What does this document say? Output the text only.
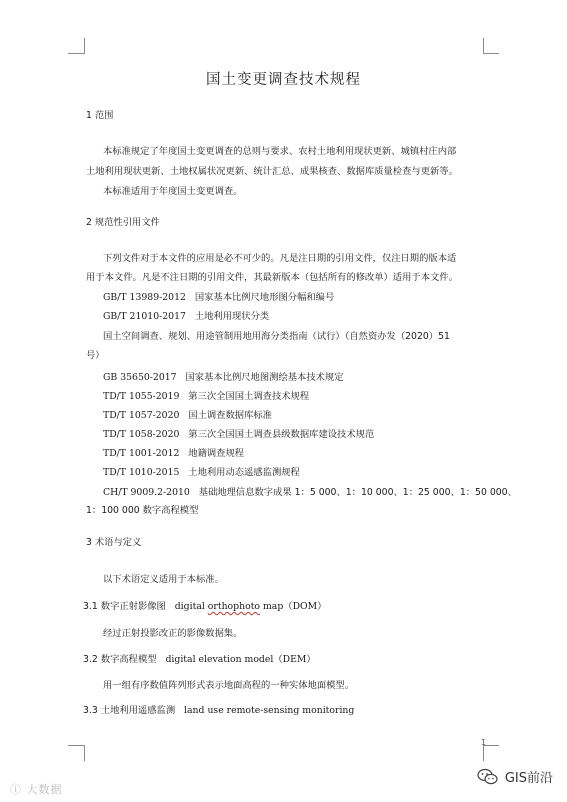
国土变更调查技术规程
1 范围
本标准规定了年度国土变更调查的总则与要求、农村土地利用现状更新、城镇村庄内部
土地利用现状更新、土地权属状况更新、统计汇总、成果核查、数据库质量检查与更新等。
本标准适用于年度国土变更调查。
2 规范性引用文件
下列文件对于本文件的应用是必不可少的。凡是注日期的引用文件，仅注日期的版本适
用于本文件。凡是不注日期的引用文件，其最新版本（包括所有的修改单）适用于本文件。
GB/T 13989-2012 国家基本比例尺地形图分幅和编号
GB/T 21010-2017 土地利用现状分类
国土空间调查、规划、用途管制用地用海分类指南（试行）（自然资办发（2020）51
号）
GB 35650-2017 国家基本比例尺地图测绘基本技术规定
TD/T 1055-2019 第三次全国国土调查技术规程
TD/T 1057-2020 国土调查数据库标准
TD/T 1058-2020 第三次全国国土调查县级数据库建设技术规范
TD/T 1001-2012 地籍调查规程
TD/T 1010-2015 土地利用动态遥感监测规程
CH/T 9009.2-2010 基础地理信息数字成果 1：5 000、1：10 000、1：25 000、1：50 000、
1：100 000 数字高程模型
3 术语与定义
以下术语定义适用于本标准。
3.1 数字正射影像图 digital orthophoto map（DOM）
经过正射投影改正的影像数据集。
3.2 数字高程模型 digital elevation model（DEM）
用一组有序数值阵列形式表示地面高程的一种实体地面模型。
3.3 土地利用遥感监测 land use remote-sensing monitoring
1
ⓘ 大数据
GIS前沿
